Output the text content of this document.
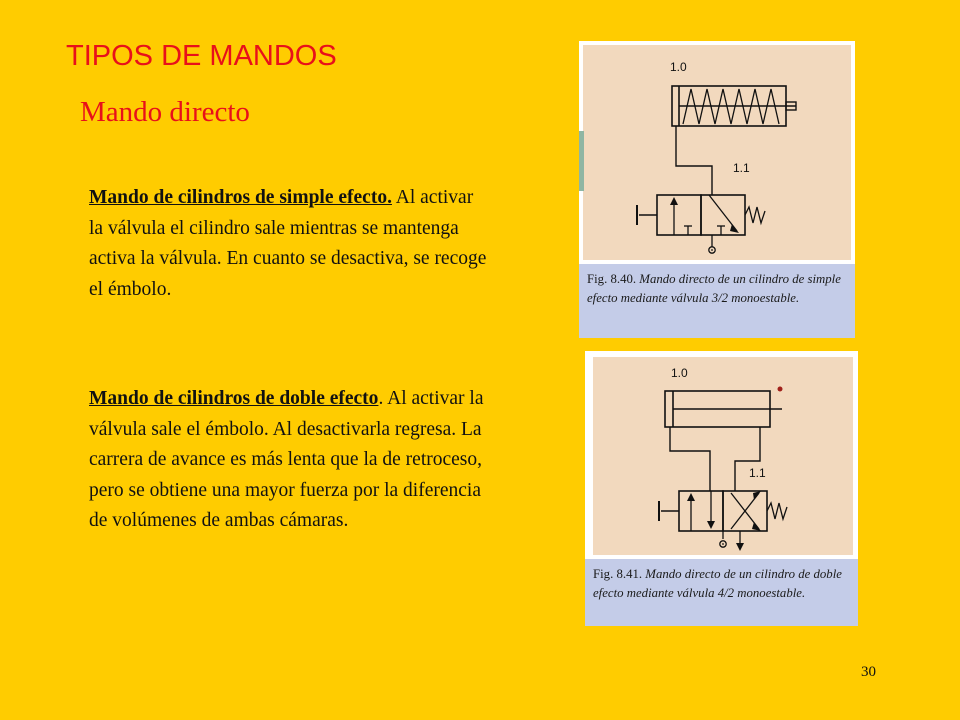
TIPOS DE MANDOS
Mando directo
Mando de cilindros de simple efecto. Al activar la válvula el cilindro sale mientras se mantenga activa la válvula. En cuanto se desactiva, se recoge el émbolo.
Mando de cilindros de doble efecto. Al activar la válvula sale el émbolo. Al desactivarla regresa. La carrera de avance es más lenta que la de retroceso, pero se obtiene una mayor fuerza por la diferencia de volúmenes de ambas cámaras.
1.0
1.1
Fig. 8.40. Mando directo de un cilindro de simple efecto mediante válvula 3/2 monoestable.
1.0
1.1
Fig. 8.41. Mando directo de un cilindro de doble efecto mediante válvula 4/2 monoestable.
30
